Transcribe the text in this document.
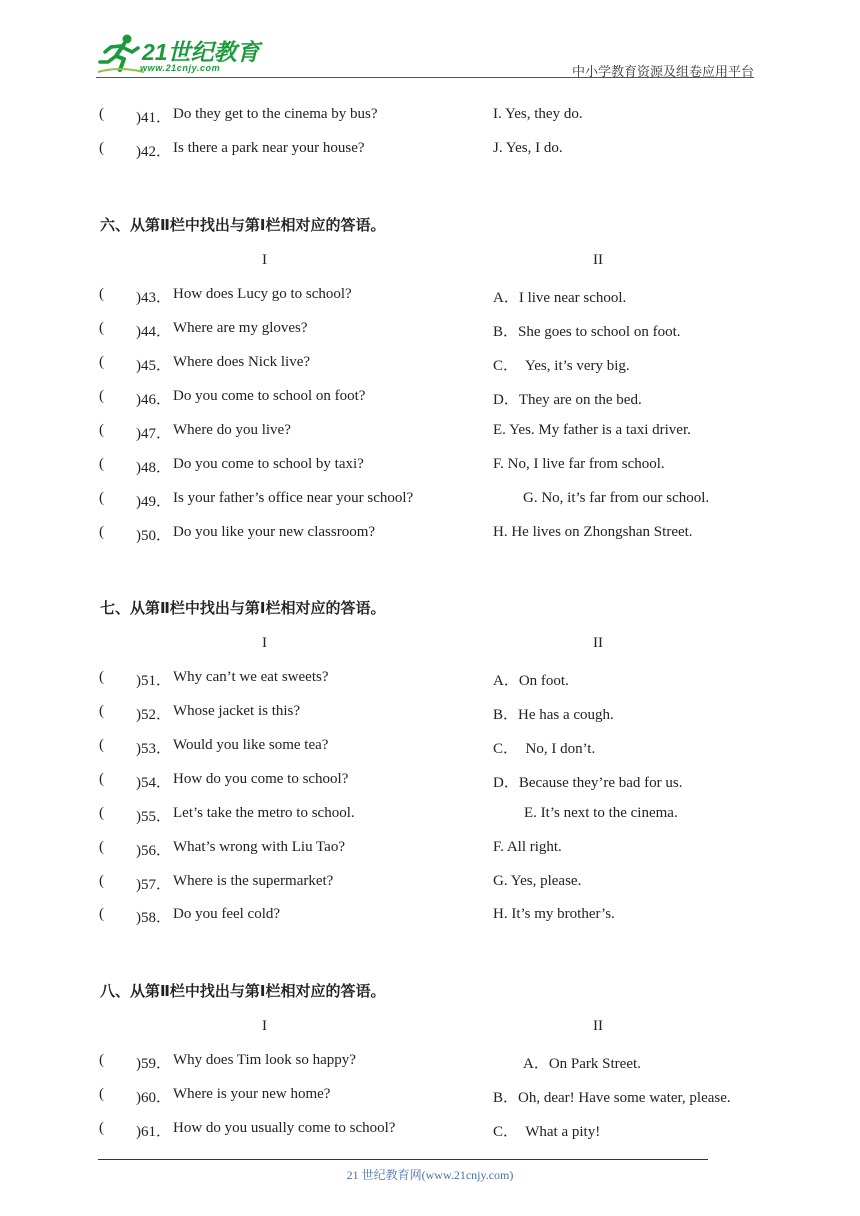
21世纪教育
www.21cnjy.com	中小学教育资源及组卷应用平台
( )41． Do they get to the cinema by bus?	I. Yes, they do.
( )42． Is there a park near your house?	J. Yes, I do.
六、从第Ⅱ栏中找出与第Ⅰ栏相对应的答语。
I	II
( )43． How does Lucy go to school?	A．I live near school.
( )44． Where are my gloves?	B．She goes to school on foot.
( )45． Where does Nick live?	C．  Yes, it’s very big.
( )46． Do you come to school on foot?	D．They are on the bed.
( )47． Where do you live?	E. Yes. My father is a taxi driver.
( )48． Do you come to school by taxi?	F. No, I live far from school.
( )49． Is your father’s office near your school?	G. No, it’s far from our school.
( )50． Do you like your new classroom?	H. He lives on Zhongshan Street.
七、从第Ⅱ栏中找出与第Ⅰ栏相对应的答语。
I	II
( )51． Why can’t we eat sweets?	A．On foot.
( )52． Whose jacket is this?	B．He has a cough.
( )53． Would you like some tea?	C．  No, I don’t.
( )54． How do you come to school?	D．Because they’re bad for us.
( )55． Let’s take the metro to school.	E. It’s next to the cinema.
( )56． What’s wrong with Liu Tao?	F. All right.
( )57． Where is the supermarket?	G. Yes, please.
( )58． Do you feel cold?	H. It’s my brother’s.
八、从第Ⅱ栏中找出与第Ⅰ栏相对应的答语。
I	II
( )59． Why does Tim look so happy?	A．On Park Street.
( )60． Where is your new home?	B．Oh, dear! Have some water, please.
( )61． How do you usually come to school?	C．  What a pity!
21 世纪教育网(www.21cnjy.com)
